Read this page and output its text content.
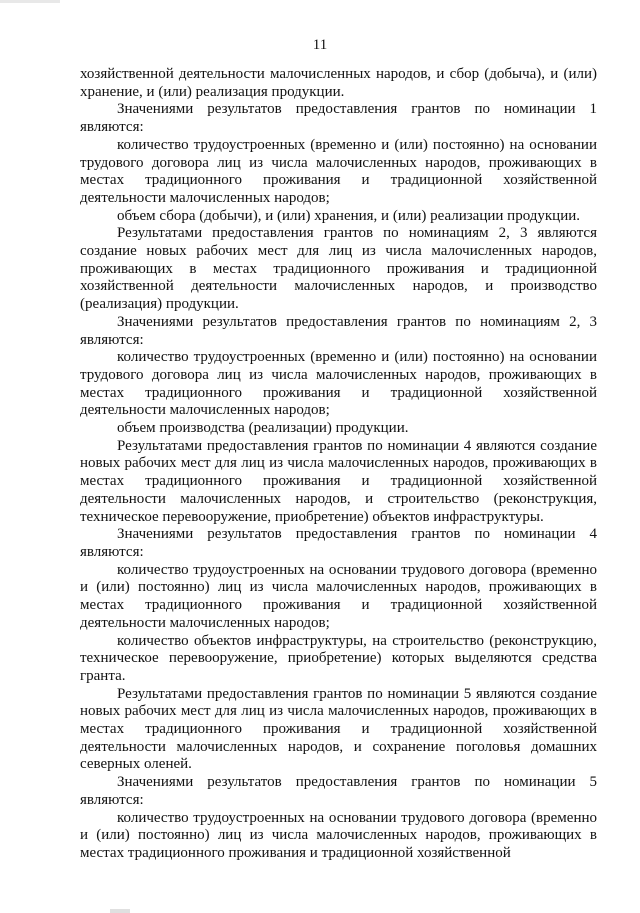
11

хозяйственной деятельности малочисленных народов, и сбор (добыча), и (или) хранение, и (или) реализация продукции.

Значениями результатов предоставления грантов по номинации 1 являются:

количество трудоустроенных (временно и (или) постоянно) на основании трудового договора лиц из числа малочисленных народов, проживающих в местах традиционного проживания и традиционной хозяйственной деятельности малочисленных народов;

объем сбора (добычи), и (или) хранения, и (или) реализации продукции.

Результатами предоставления грантов по номинациям 2, 3 являются создание новых рабочих мест для лиц из числа малочисленных народов, проживающих в местах традиционного проживания и традиционной хозяйственной деятельности малочисленных народов, и производство (реализация) продукции.

Значениями результатов предоставления грантов по номинациям 2, 3 являются:

количество трудоустроенных (временно и (или) постоянно) на основании трудового договора лиц из числа малочисленных народов, проживающих в местах традиционного проживания и традиционной хозяйственной деятельности малочисленных народов;

объем производства (реализации) продукции.

Результатами предоставления грантов по номинации 4 являются создание новых рабочих мест для лиц из числа малочисленных народов, проживающих в местах традиционного проживания и традиционной хозяйственной деятельности малочисленных народов, и строительство (реконструкция, техническое перевооружение, приобретение) объектов инфраструктуры.

Значениями результатов предоставления грантов по номинации 4 являются:

количество трудоустроенных на основании трудового договора (временно и (или) постоянно) лиц из числа малочисленных народов, проживающих в местах традиционного проживания и традиционной хозяйственной деятельности малочисленных народов;

количество объектов инфраструктуры, на строительство (реконструкцию, техническое перевооружение, приобретение) которых выделяются средства гранта.

Результатами предоставления грантов по номинации 5 являются создание новых рабочих мест для лиц из числа малочисленных народов, проживающих в местах традиционного проживания и традиционной хозяйственной деятельности малочисленных народов, и сохранение поголовья домашних северных оленей.

Значениями результатов предоставления грантов по номинации 5 являются:

количество трудоустроенных на основании трудового договора (временно и (или) постоянно) лиц из числа малочисленных народов, проживающих в местах традиционного проживания и традиционной хозяйственной
